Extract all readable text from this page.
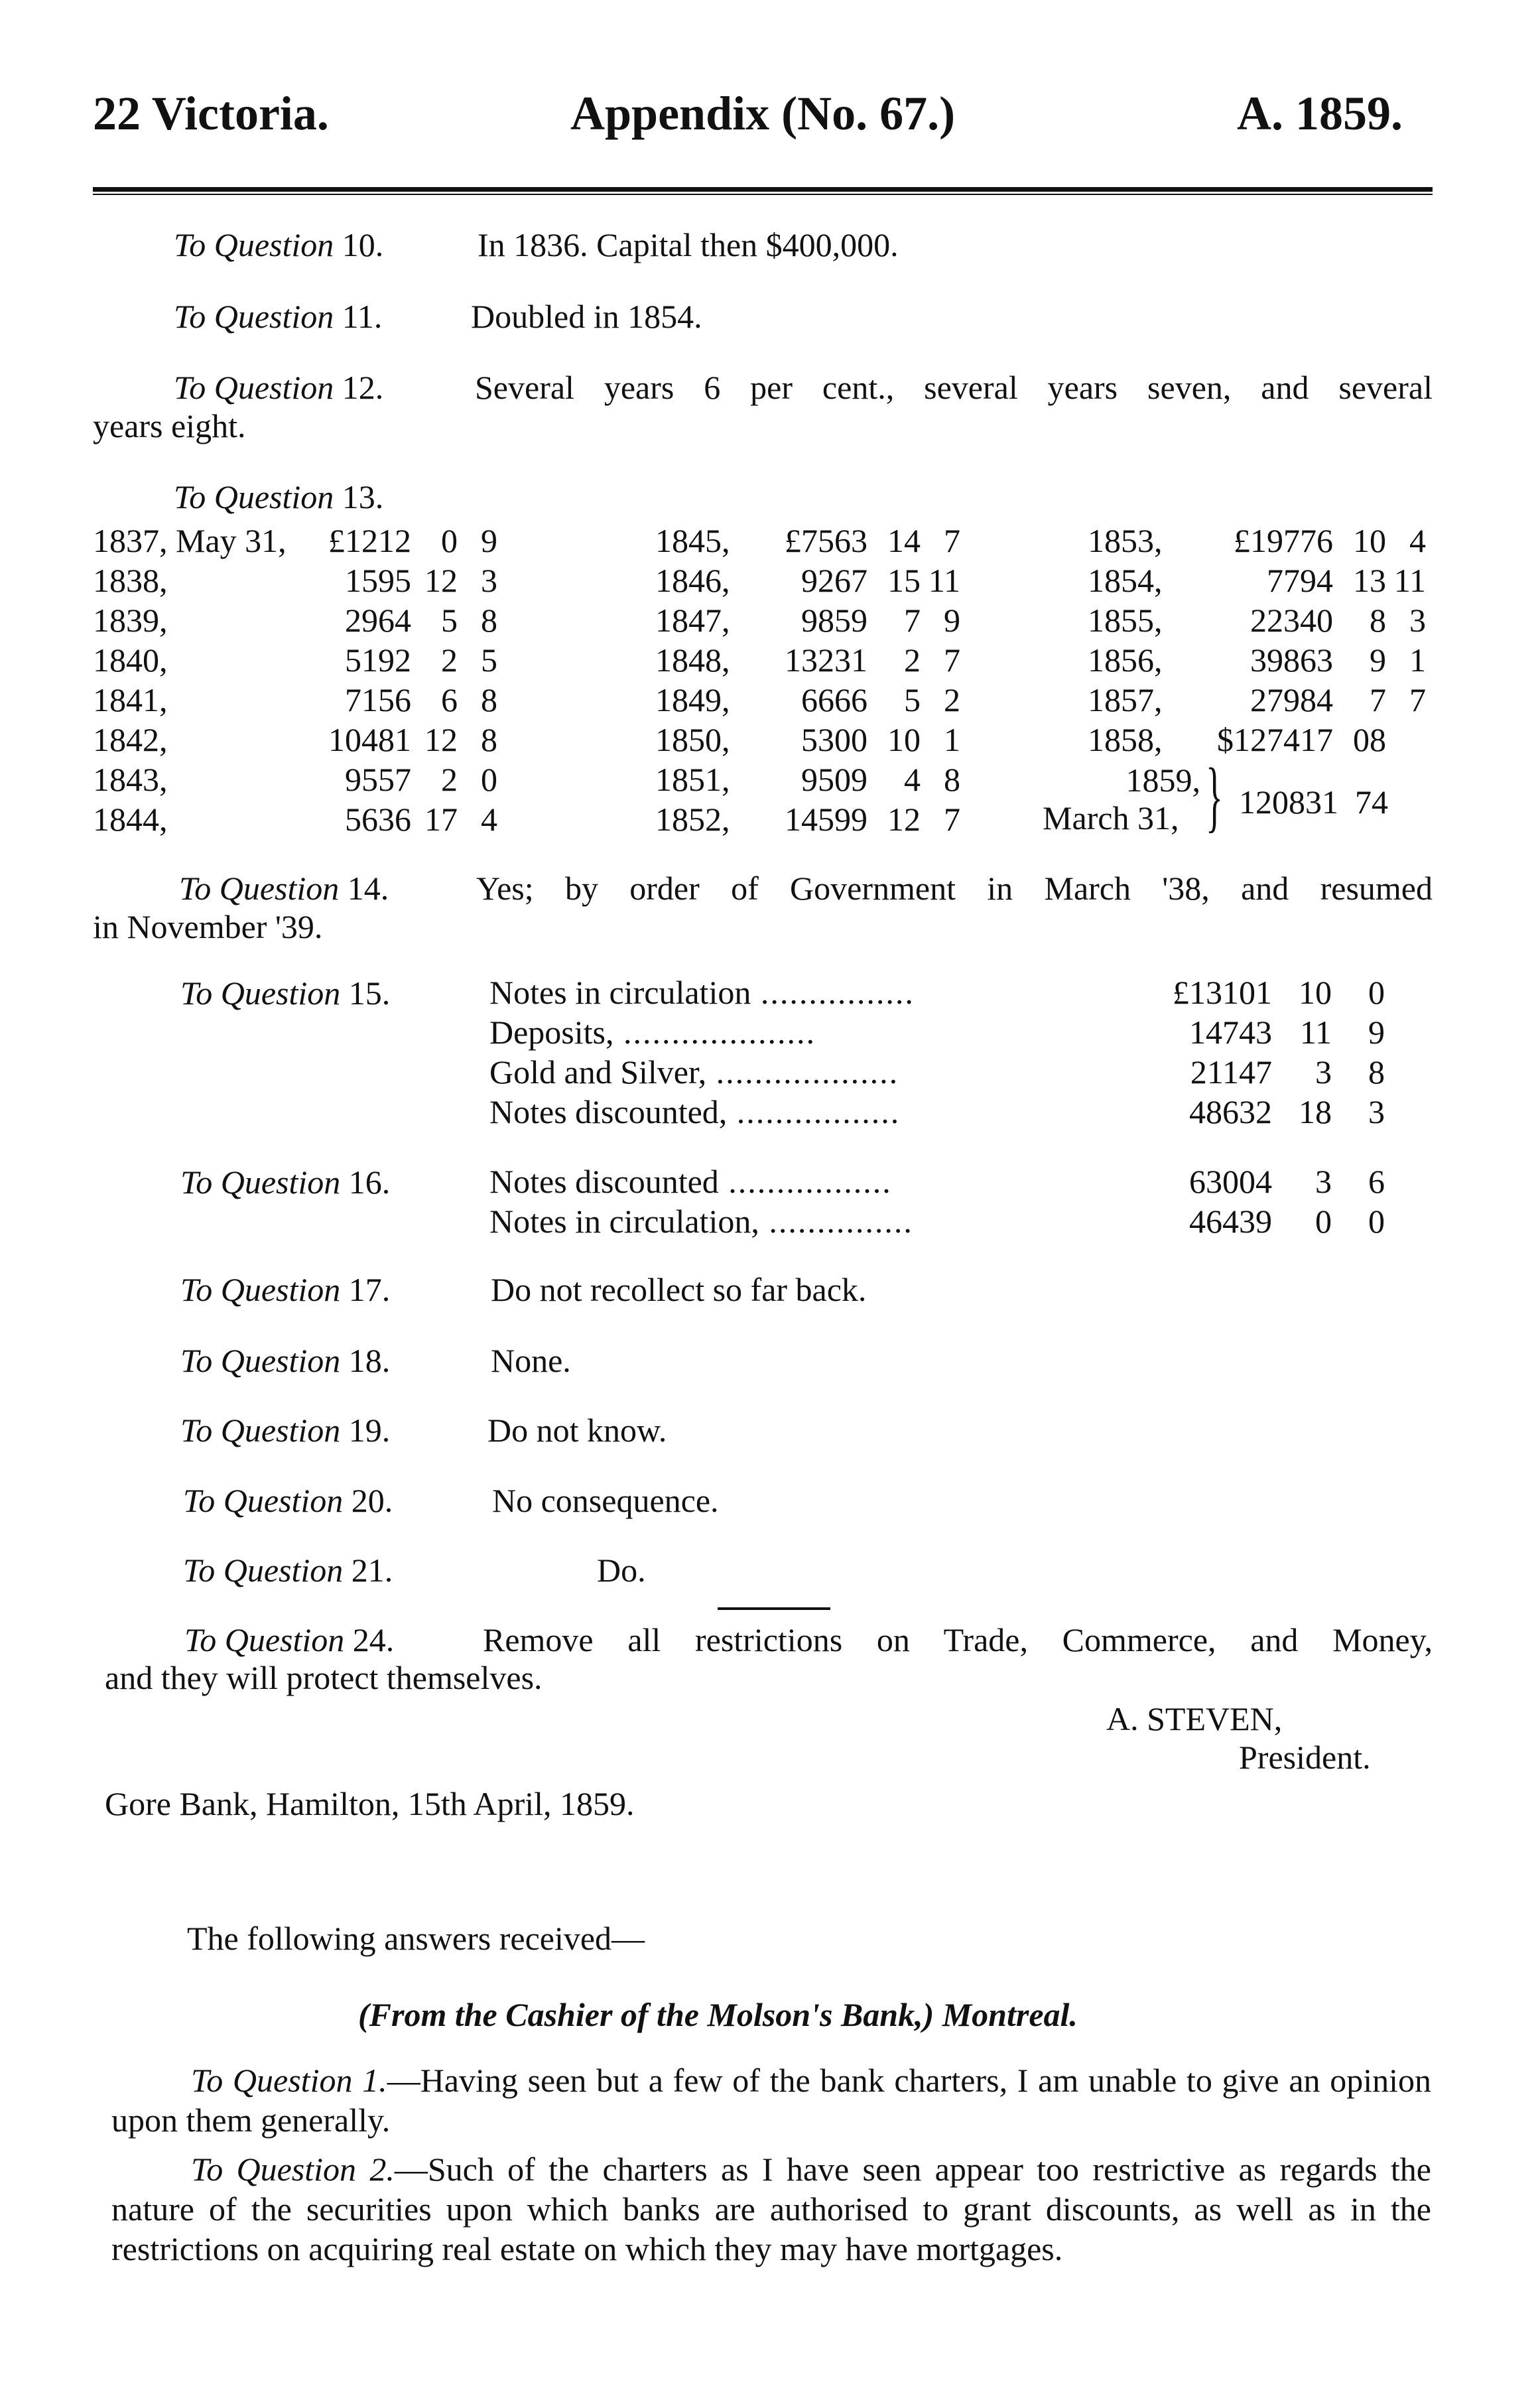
22 Victoria.	Appendix (No. 67.)	A. 1859.
To Question 10.	In 1836. Capital then $400,000.
To Question 11.	Doubled in 1854.
To Question 12.	Several years 6 per cent., several years seven, and several
years eight.
To Question 13.
1837, May 31,	£1212	0	9
1838,	1595	12	3
1839,	2964	5	8
1840,	5192	2	5
1841,	7156	6	8
1842,	10481	12	8
1843,	9557	2	0
1844,	5636	17	4
1845,	£7563	14	7
1846,	9267	15	11
1847,	9859	7	9
1848,	13231	2	7
1849,	6666	5	2
1850,	5300	10	1
1851,	9509	4	8
1852,	14599	12	7
1853,	£19776	10	4
1854,	7794	13	11
1855,	22340	8	3
1856,	39863	9	1
1857,	27984	7	7
1858,	$127417	08	
1859,
March 31, } 120831 74
To Question 14.	Yes; by order of Government in March '38, and resumed
in November '39.
To Question 15.	Notes in circulation ................	£13101	10	0
Deposits, ....................	14743	11	9
Gold and Silver, ...................	21147	3	8
Notes discounted, .................	48632	18	3
To Question 16.	Notes discounted .................	63004	3	6
Notes in circulation, ...............	46439	0	0
To Question 17.	Do not recollect so far back.
To Question 18.	None.
To Question 19.	Do not know.
To Question 20.	No consequence.
To Question 21.	Do.
To Question 24.	Remove all restrictions on Trade, Commerce, and Money,
and they will protect themselves.
A. STEVEN,
President.
Gore Bank, Hamilton, 15th April, 1859.
The following answers received—
(From the Cashier of the Molson's Bank,) Montreal.
To Question 1.—Having seen but a few of the bank charters, I am unable to give an opinion upon them generally.
To Question 2.—Such of the charters as I have seen appear too restrictive as regards the nature of the securities upon which banks are authorised to grant discounts, as well as in the restrictions on acquiring real estate on which they may have mortgages.
